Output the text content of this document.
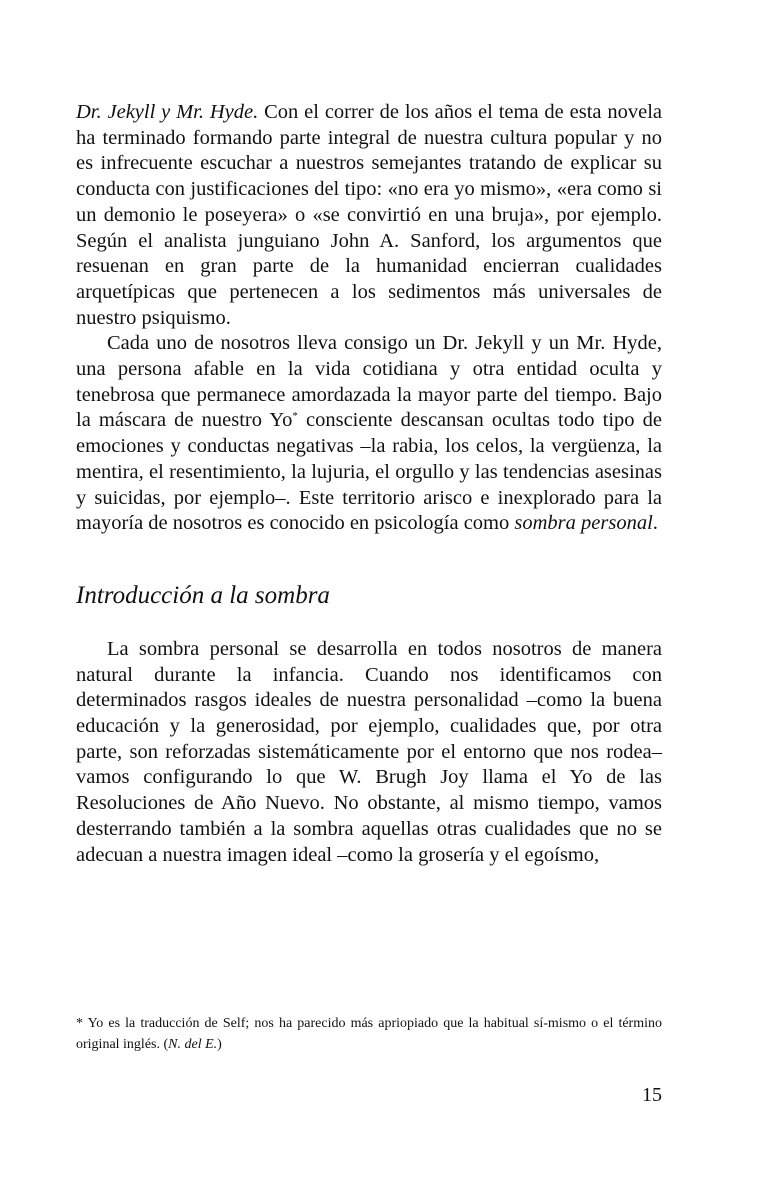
Dr. Jekyll y Mr. Hyde. Con el correr de los años el tema de esta novela ha terminado formando parte integral de nuestra cultura popular y no es infrecuente escuchar a nuestros semejantes tratando de explicar su conducta con justificaciones del tipo: «no era yo mismo», «era como si un demonio le poseyera» o «se convirtió en una bruja», por ejemplo. Según el analista junguiano John A. Sanford, los argumentos que resuenan en gran parte de la humanidad encierran cualidades arquetípicas que pertenecen a los sedimentos más universales de nuestro psiquismo.

Cada uno de nosotros lleva consigo un Dr. Jekyll y un Mr. Hyde, una persona afable en la vida cotidiana y otra entidad oculta y tenebrosa que permanece amordazada la mayor parte del tiempo. Bajo la máscara de nuestro Yo* consciente descansan ocultas todo tipo de emociones y conductas negativas –la rabia, los celos, la vergüenza, la mentira, el resentimiento, la lujuria, el orgullo y las tendencias asesinas y suicidas, por ejemplo–. Este territorio arisco e inexplorado para la mayoría de nosotros es conocido en psicología como sombra personal.

Introducción a la sombra

La sombra personal se desarrolla en todos nosotros de manera natural durante la infancia. Cuando nos identificamos con determinados rasgos ideales de nuestra personalidad –como la buena educación y la generosidad, por ejemplo, cualidades que, por otra parte, son reforzadas sistemáticamente por el entorno que nos rodea– vamos configurando lo que W. Brugh Joy llama el Yo de las Resoluciones de Año Nuevo. No obstante, al mismo tiempo, vamos desterrando también a la sombra aquellas otras cualidades que no se adecuan a nuestra imagen ideal –como la grosería y el egoísmo,

* Yo es la traducción de Self; nos ha parecido más apriopiado que la habitual sí-mismo o el término original inglés. (N. del E.)
15
